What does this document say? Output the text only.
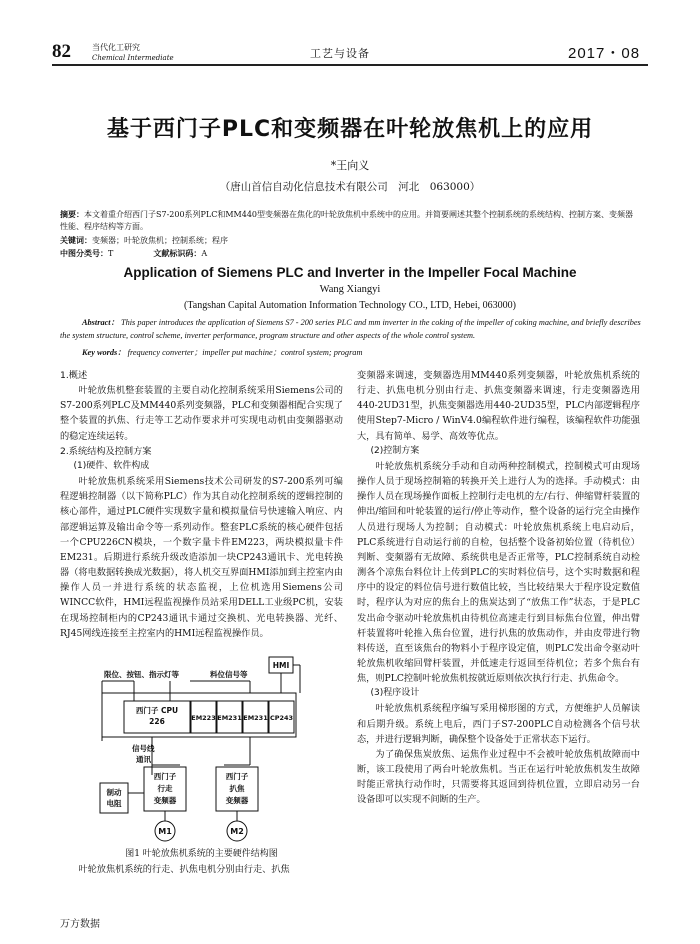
82	当代化工研究
Chemical Intermediate	工艺与设备	2017・08
基于西门子PLC和变频器在叶轮放焦机上的应用
*王向义
（唐山首信自动化信息技术有限公司　河北　063000）
摘要：本文着重介绍西门子S7-200系列PLC和MM440型变频器在焦化的叶轮放焦机中系统中的应用。并简要阐述其整个控制系统的系统结构、控制方案、变频器性能、程序结构等方面。
关键词：变频器；叶轮放焦机；控制系统；程序
中图分类号：T	文献标识码：A
Application of Siemens PLC and Inverter in the Impeller Focal Machine
Wang Xiangyi
(Tangshan Capital Automation Information Technology CO., LTD, Hebei, 063000)
Abstract： This paper introduces the application of Siemens S7 - 200 series PLC and mm inverter in the coking of the impeller of coking machine, and briefly describes the system structure, control scheme, inverter performance, program structure and other aspects of the whole control system.
Key words： frequency converter；impeller put machine；control system; program

1.概述

叶轮放焦机整套装置的主要自动化控制系统采用Siemens公司的S7-200系列PLC及MM440系列变频器，PLC和变频器相配合实现了整个装置的扒焦、行走等工艺动作要求并可实现电动机由变频器驱动的稳定连续运转。

2.系统结构及控制方案

(1)硬件、软件构成

叶轮放焦机系统采用Siemens技术公司研发的S7-200系列可编程逻辑控制器（以下简称PLC）作为其自动化控制系统的逻辑控制的核心部件，通过PLC硬件实现数字量和模拟量信号快速输入响应、内部逻辑运算及输出命令等一系列动作。整套PLC系统的核心硬件包括一个CPU226CN模块，一个数字量卡件EM223，两块模拟量卡件EM231。后期进行系统升级改造添加一块CP243通讯卡、光电转换器（将电数据转换成光数据），将人机交互界面HMI添加到主控室内由操作人员一并进行系统的状态监视，上位机选用Siemens公司WINCC软件，HMI远程监视操作员站采用DELL工业级PC机，安装在现场控制柜内的CP243通讯卡通过交换机、光电转换器、光纤、RJ45网线连接至主控室内的HMI远程监视操作员。

HMI
限位、按钮、指示灯等	料位信号等
西门子 CPU
226	EM223 EM231 EM231 CP243
信号线
通讯
制动
电阻
西门子
行走
变频器
西门子
扒焦
变频器
M1	M2
图1 叶轮放焦机系统的主要硬件结构图
叶轮放焦机系统的行走、扒焦电机分别由行走、扒焦

变频器来调速，变频器选用MM440系列变频器，叶轮放焦机系统的行走、扒焦电机分别由行走、扒焦变频器来调速，行走变频器选用440-2UD31型，扒焦变频器选用440-2UD35型，PLC内部逻辑程序使用Step7-Micro / WinV4.0编程软件进行编程，该编程软件功能强大，具有简单、易学、高效等优点。

(2)控制方案

叶轮放焦机系统分手动和自动两种控制模式，控制模式可由现场操作人员于现场控制箱的转换开关上进行人为的选择。手动模式：由操作人员在现场操作面板上控制行走电机的左/右行、伸缩臂杆装置的伸出/缩回和叶轮装置的运行/停止等动作，整个设备的运行完全由操作人员进行现场人为控制；自动模式：叶轮放焦机系统上电启动后，PLC系统进行自动运行前的自检，包括整个设备初始位置（待机位）判断、变频器有无故障、系统供电是否正常等，PLC控制系统自动检测各个凉焦台料位计上传到PLC的实时料位信号，这个实时数据和程序中的设定的料位信号进行数值比较，当比较结果大于程序设定数值时，程序认为对应的焦台上的焦炭达到了“放焦工作”状态，于是PLC发出命令驱动叶轮放焦机由待机位高速走行到目标焦台位置，伸出臂杆装置将叶轮推入焦台位置，进行扒焦的放焦动作，并由皮带进行物料传送，直至该焦台的物料小于程序设定值，则PLC发出命令驱动叶轮放焦机收缩回臂杆装置，并低速走行返回至待机位；若多个焦台有焦，则PLC控制叶轮放焦机按就近原则依次执行行走、扒焦命令。

(3)程序设计

叶轮放焦机系统程序编写采用梯形图的方式，方便维护人员解读和后期升级。系统上电后，西门子S7-200PLC自动检测各个信号状态，并进行逻辑判断，确保整个设备处于正常状态下运行。

为了确保焦炭放焦、运焦作业过程中不会被叶轮放焦机故障而中断，该工段使用了两台叶轮放焦机。当正在运行叶轮放焦机发生故障时能正常执行动作时，只需要将其返回到待机位置，立即启动另一台设备即可以实现不间断的生产。

万方数据
